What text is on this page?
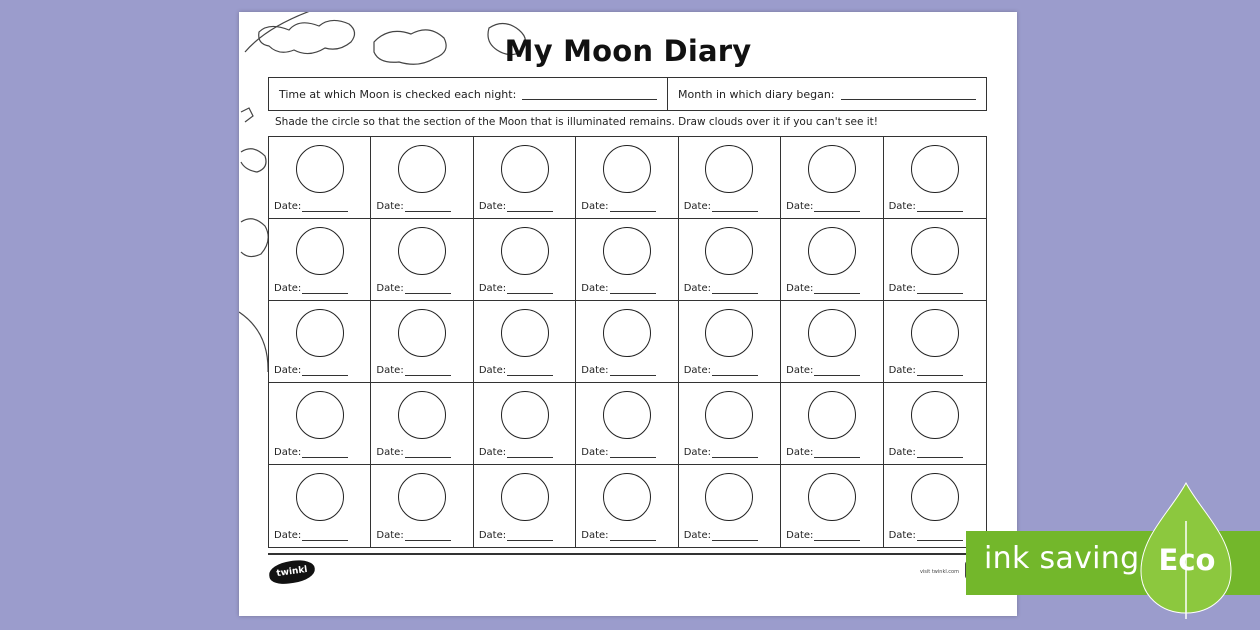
My Moon Diary
Time at which Moon is checked each night:	Month in which diary began:
Shade the circle so that the section of the Moon that is illuminated remains. Draw clouds over it if you can't see it!
Date:	Date:	Date:	Date:	Date:	Date:	Date:
Date:	Date:	Date:	Date:	Date:	Date:	Date:
Date:	Date:	Date:	Date:	Date:	Date:	Date:
Date:	Date:	Date:	Date:	Date:	Date:	Date:
Date:	Date:	Date:	Date:	Date:	Date:	Date:
twinkl	visit twinkl.com ink saving Eco
